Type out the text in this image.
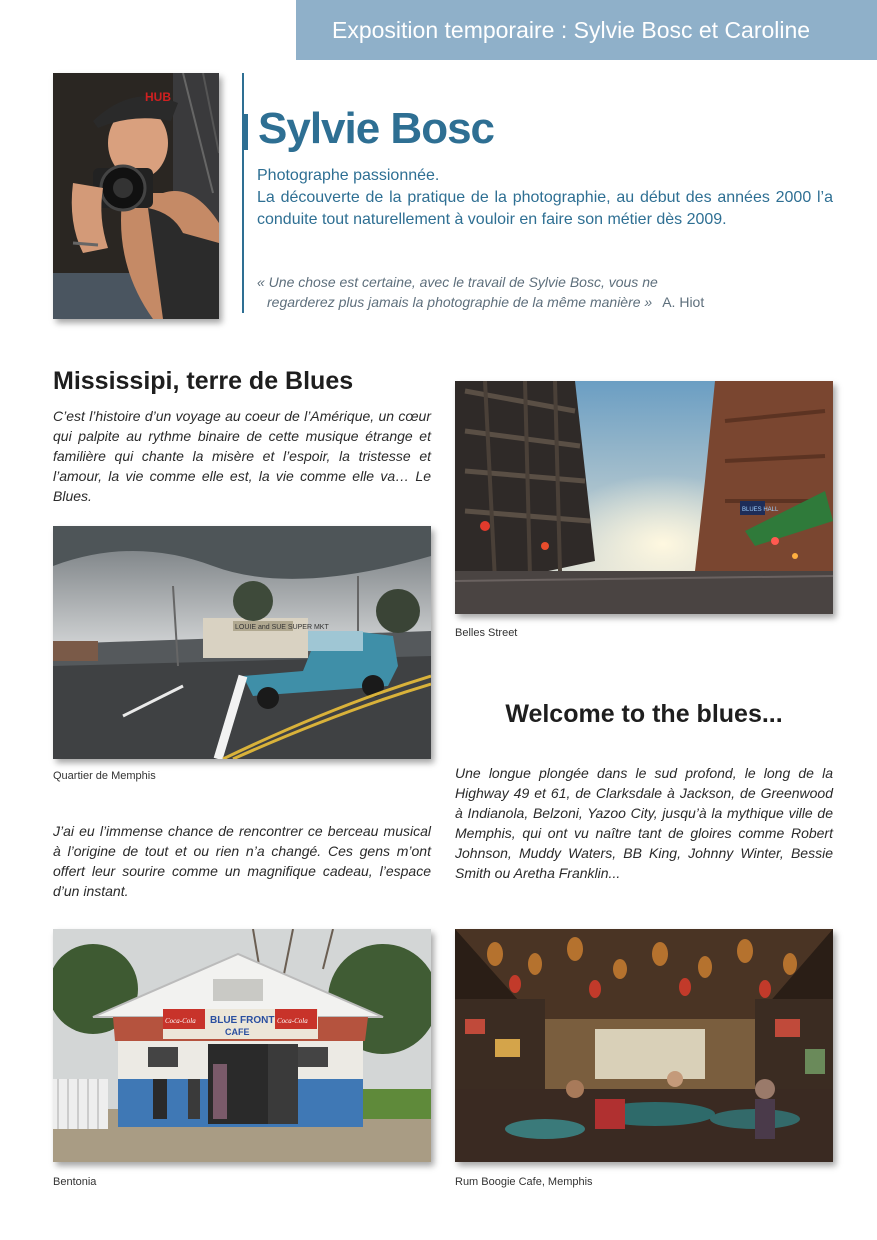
Exposition temporaire : Sylvie Bosc et Caroline
HUB
Sylvie Bosc

Photographe passionnée.

La découverte de la pratique de la photographie, au début des années 2000 l’a conduite tout naturellement à vouloir en faire son métier dès 2009.

« Une chose est certaine, avec le travail de Sylvie Bosc, vous ne
regarderez plus jamais la photographie de la même manière » A. Hiot
Mississipi, terre de Blues
C’est l’histoire d’un voyage au coeur de l’Amérique, un cœur qui palpite au rythme binaire de cette musique étrange et familière qui chante la misère et l’espoir, la tristesse et l’amour, la vie comme elle est, la vie comme elle va… Le Blues.
LOUIE and SUE SUPER MKT
Quartier de Memphis
J’ai eu l’immense chance de rencontrer ce berceau musical à l’origine de tout et ou rien n’a changé. Ces gens m’ont offert leur sourire comme un magnifique cadeau, l’espace d’un instant.
BLUES HALL
Belles Street
Welcome to the blues...
Une longue plongée dans le sud profond, le long de la Highway 49 et 61, de Clarksdale à Jackson, de Greenwood à Indianola, Belzoni, Yazoo City, jusqu’à la mythique ville de Memphis, qui ont vu naître tant de gloires comme Robert Johnson, Muddy Waters, BB King, Johnny Winter, Bessie Smith ou Aretha Franklin...
Coca-Cola	Coca-Cola
BLUE FRONT
CAFE
Bentonia	Rum Boogie Cafe, Memphis
